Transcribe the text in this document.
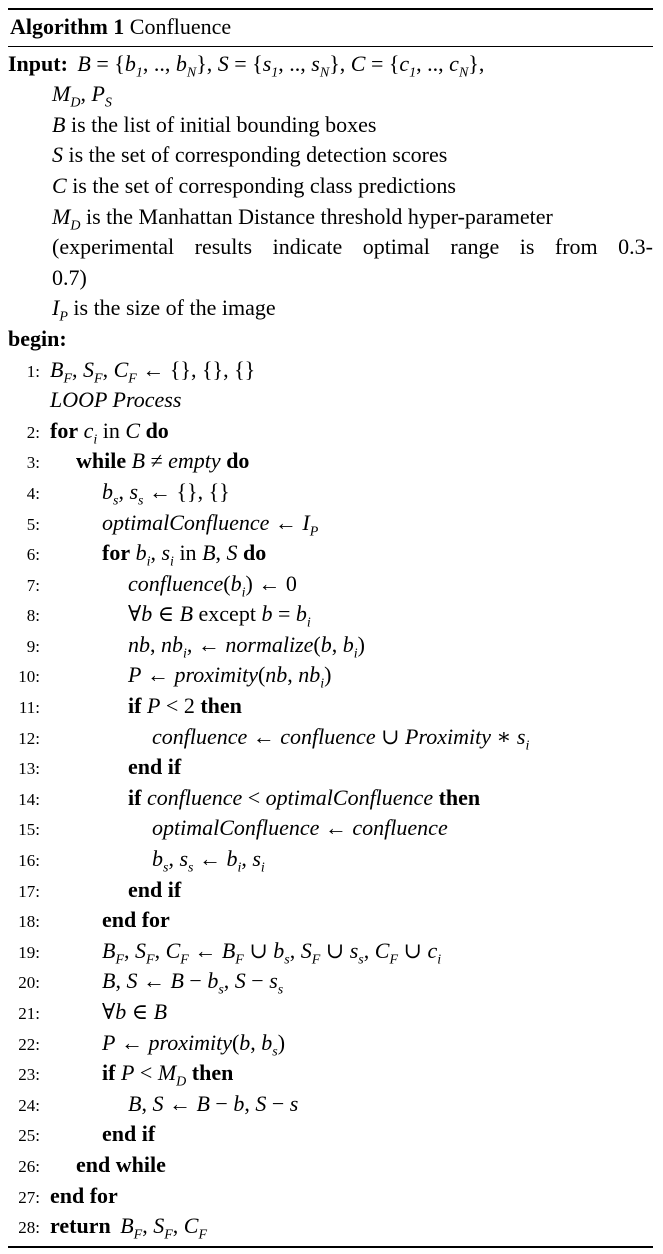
Algorithm 1 Confluence
Input: $B = \{b_1$, .., $b_N$}, $S = \{s_1$, .., $s_N$}, $C = \{c_1$, .., $c_N$},
$M_D$, $P_S$
B is the list of initial bounding boxes
S is the set of corresponding detection scores
C is the set of corresponding class predictions
$M_D$ is the Manhattan Distance threshold hyper-parameter
(experimental results indicate optimal range is from 0.3-
0.7)
$I_P$ is the size of the image
begin:
1: $B_F$, $S_F$, $C_F$ ← {}, {}, {}
LOOP Process
2: for $c_i$ in C do
3: while B ≠ empty do
4:	$b_s$, $s_s$ ← {}, {}
5:	optimalConfluence ← $I_P$
6:	for $b_i$, $s_i$ in B, S do
7:	$confluence(b_i)$ ← 0
8:	∀b ∈ B except $b = b_i$
9:	nb, $nb_i$, ← normalize(b, $b_i$)
10:	P ← proximity(nb, $nb_i$)
11:	if P < 2 then
12:	confluence ← confluence ∪ Proximity ∗ $s_i$
13:	end if
14:	if confluence < optimalConfluence then
15:	optimalConfluence ← confluence
16:	$b_s$, $s_s$ ← $b_i$, $s_i$
17:	end if
18:	end for
19:	$B_F$, $S_F$, $C_F$ ← $B_F$ ∪ $b_s$, $S_F$ ∪ $s_s$, $C_F$ ∪ $c_i$
20:	B, S ← $B - b_s$, $S - s_s$
21:	∀b ∈ B
22:	P ← proximity(b, $b_s$)
23:	if $P < M_D$ then
24:	B, S ← B − b, S − s
25:	end if
26: end while
27: end for
28: return $B_F$, $S_F$, $C_F$
